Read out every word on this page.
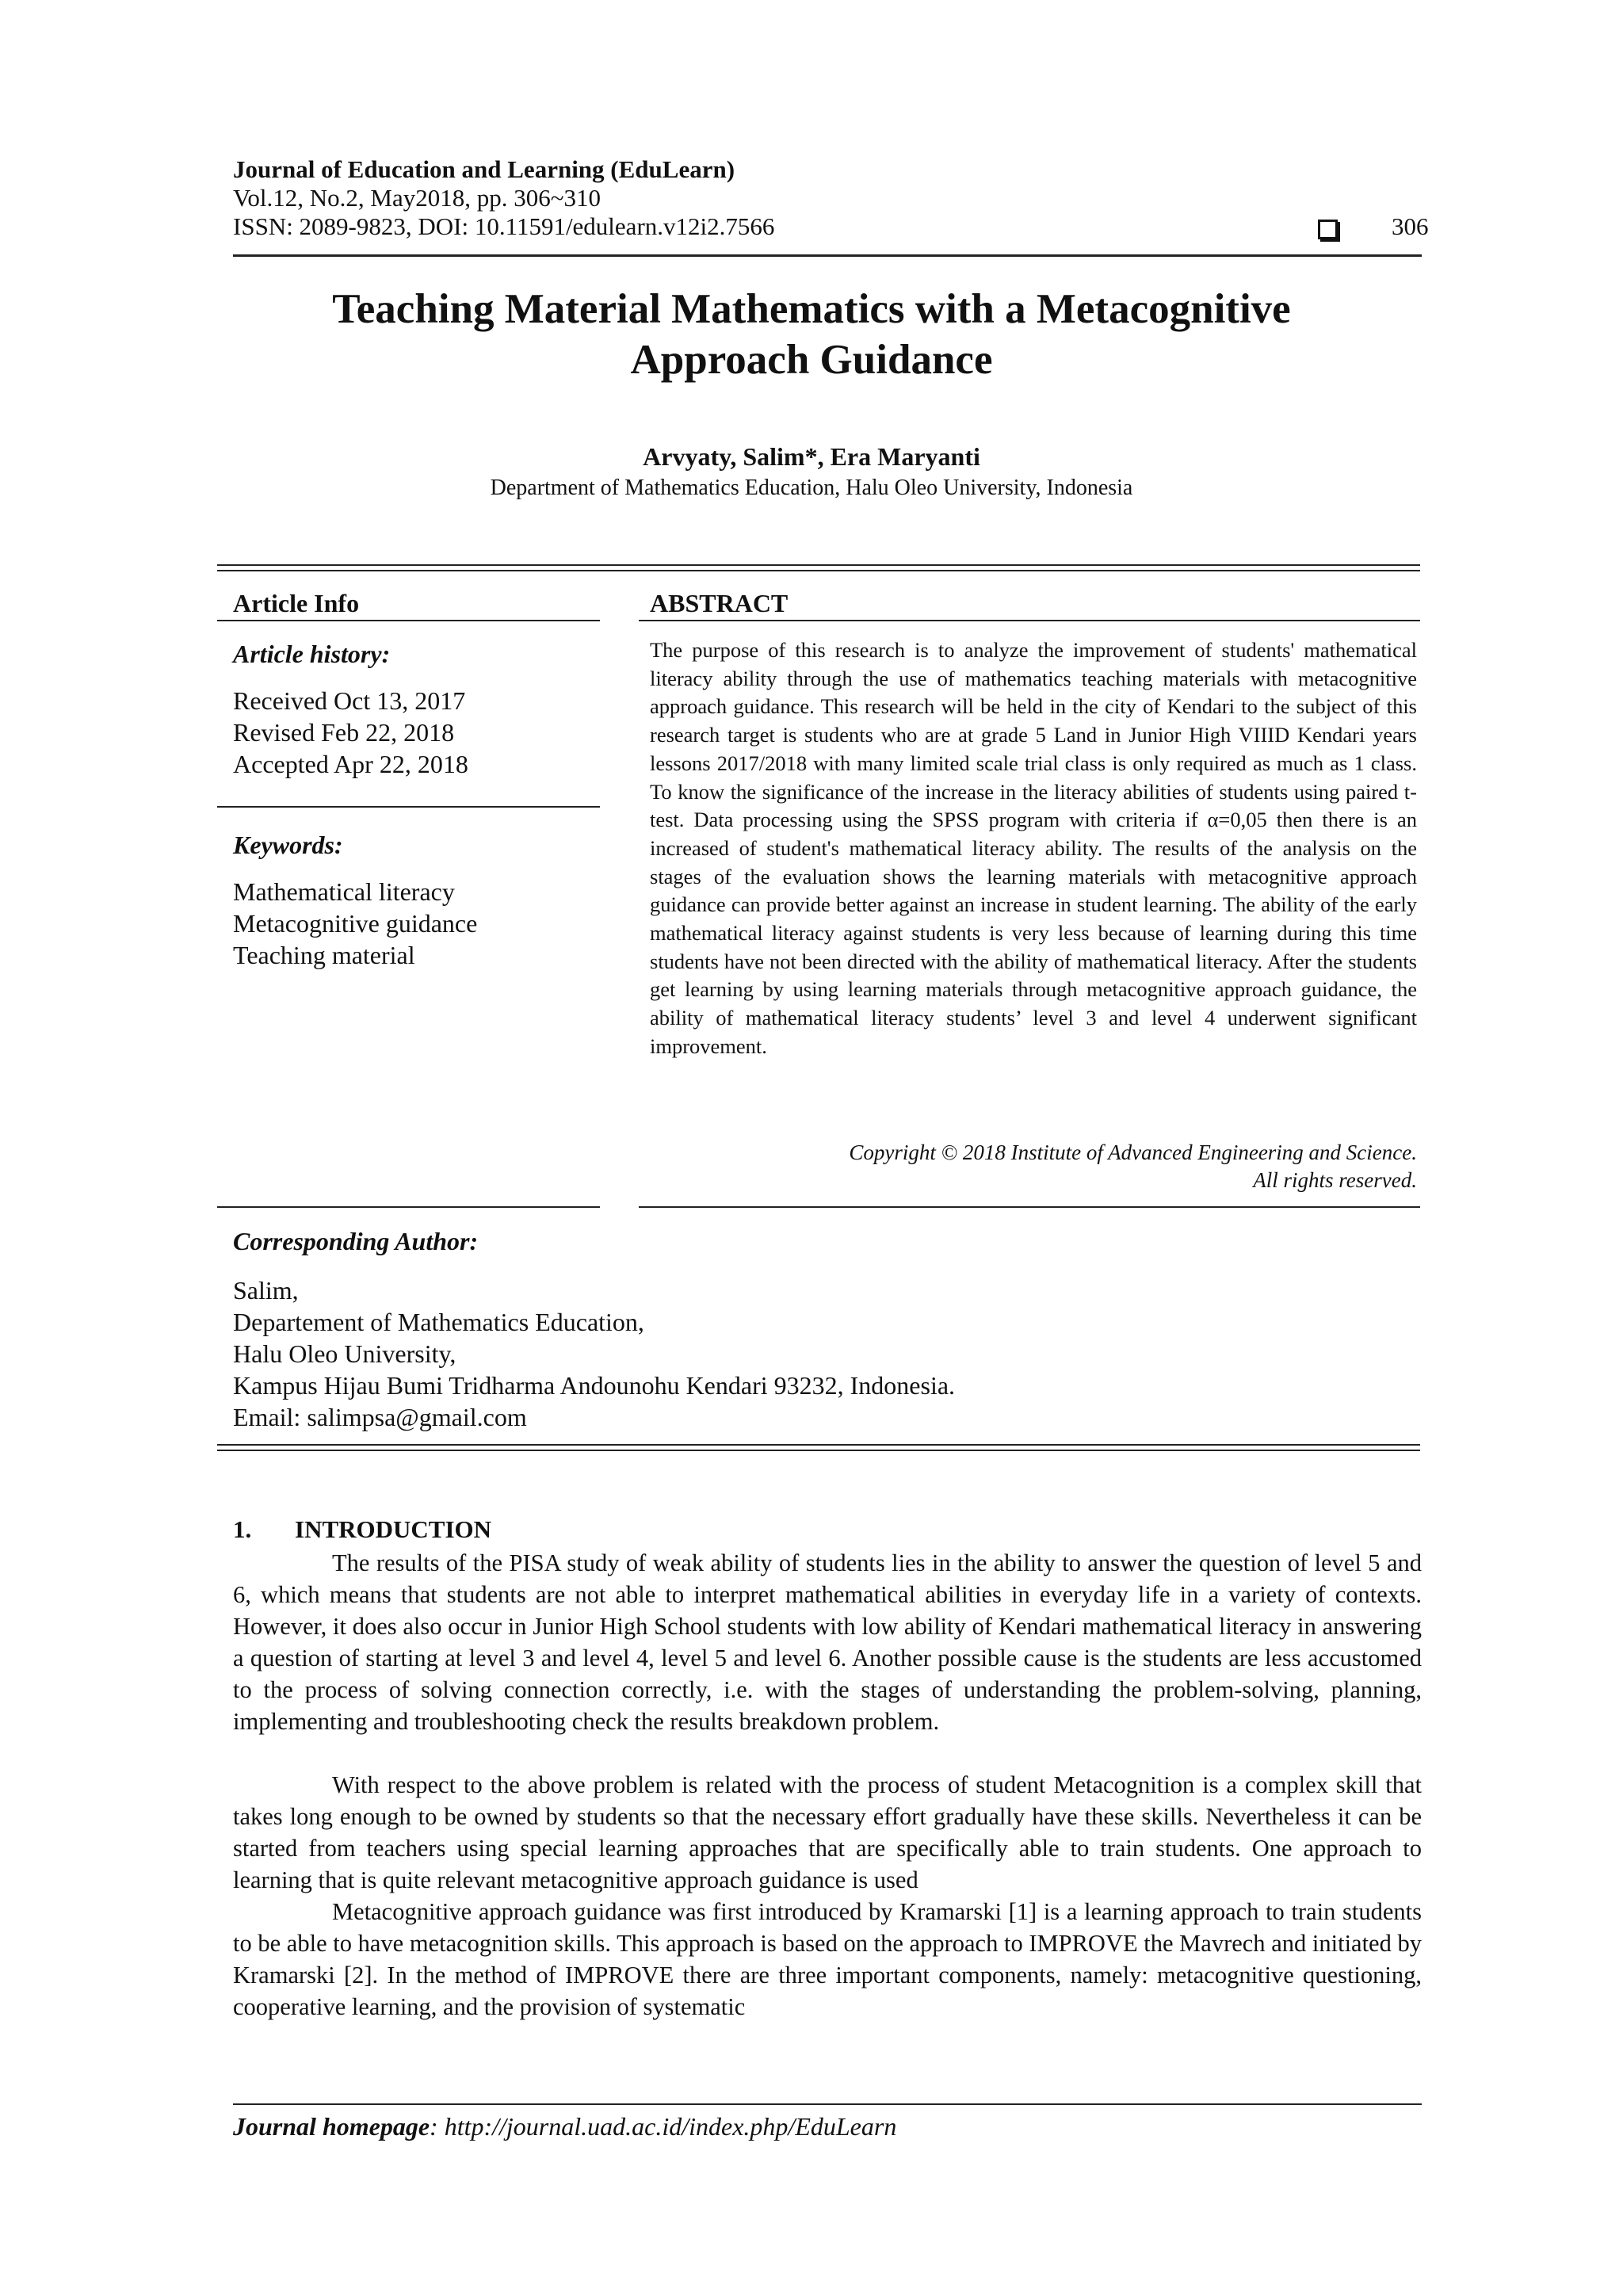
Journal of Education and Learning (EduLearn)
Vol.12, No.2, May2018, pp. 306~310
ISSN: 2089-9823, DOI: 10.11591/edulearn.v12i2.7566	306
Teaching Material Mathematics with a Metacognitive
Approach Guidance
Arvyaty, Salim*, Era Maryanti
Department of Mathematics Education, Halu Oleo University, Indonesia
Article Info
Article history:
Received Oct 13, 2017
Revised Feb 22, 2018
Accepted Apr 22, 2018
Keywords:
Mathematical literacy
Metacognitive guidance
Teaching material
ABSTRACT
The purpose of this research is to analyze the improvement of students' mathematical literacy ability through the use of mathematics teaching materials with metacognitive approach guidance. This research will be held in the city of Kendari to the subject of this research target is students who are at grade 5 Land in Junior High VIIID Kendari years lessons 2017/2018 with many limited scale trial class is only required as much as 1 class. To know the significance of the increase in the literacy abilities of students using paired t-test. Data processing using the SPSS program with criteria if α=0,05 then there is an increased of student's mathematical literacy ability. The results of the analysis on the stages of the evaluation shows the learning materials with metacognitive approach guidance can provide better against an increase in student learning. The ability of the early mathematical literacy against students is very less because of learning during this time students have not been directed with the ability of mathematical literacy. After the students get learning by using learning materials through metacognitive approach guidance, the ability of mathematical literacy students’ level 3 and level 4 underwent significant improvement.
Copyright © 2018 Institute of Advanced Engineering and Science.
All rights reserved.
Corresponding Author:
Salim,
Departement of Mathematics Education,
Halu Oleo University,
Kampus Hijau Bumi Tridharma Andounohu Kendari 93232, Indonesia.
Email: salimpsa@gmail.com
1. INTRODUCTION
The results of the PISA study of weak ability of students lies in the ability to answer the question of level 5 and 6, which means that students are not able to interpret mathematical abilities in everyday life in a variety of contexts. However, it does also occur in Junior High School students with low ability of Kendari mathematical literacy in answering a question of starting at level 3 and level 4, level 5 and level 6. Another possible cause is the students are less accustomed to the process of solving connection correctly, i.e. with the stages of understanding the problem-solving, planning, implementing and troubleshooting check the results breakdown problem.
With respect to the above problem is related with the process of student Metacognition is a complex skill that takes long enough to be owned by students so that the necessary effort gradually have these skills. Nevertheless it can be started from teachers using special learning approaches that are specifically able to train students. One approach to learning that is quite relevant metacognitive approach guidance is used
Metacognitive approach guidance was first introduced by Kramarski [1] is a learning approach to train students to be able to have metacognition skills. This approach is based on the approach to IMPROVE the Mavrech and initiated by Kramarski [2]. In the method of IMPROVE there are three important components, namely: metacognitive questioning, cooperative learning, and the provision of systematic
Journal homepage: http://journal.uad.ac.id/index.php/EduLearn
